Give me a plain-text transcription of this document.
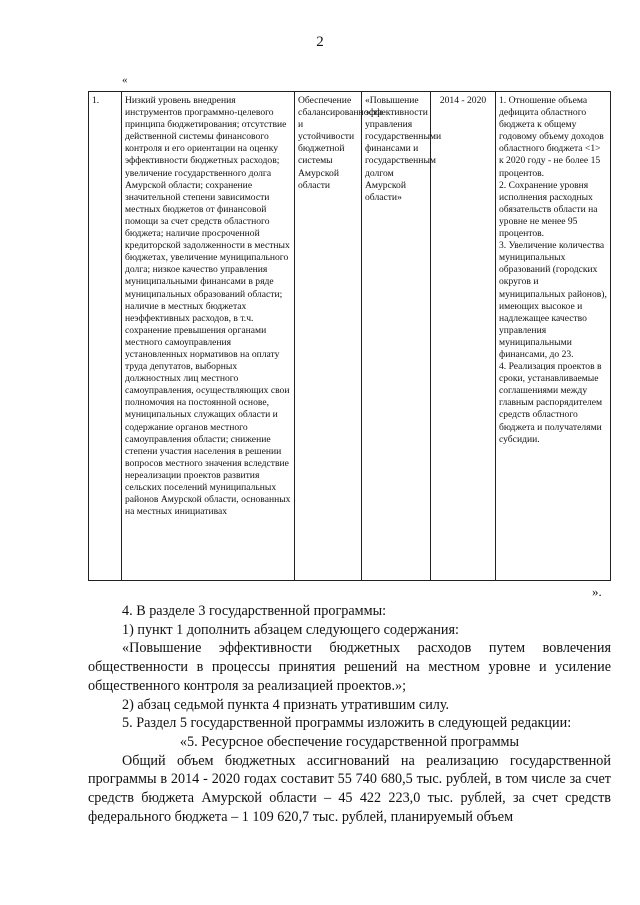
2
«
1.	Низкий уровень внедрения инструментов программно-целевого принципа бюджетирования; отсутствие действенной системы финансового контроля и его ориентации на оценку эффективности бюджетных расходов; увеличение государственного долга Амурской области; сохранение значительной степени зависимости местных бюджетов от финансовой помощи за счет средств областного бюджета; наличие просроченной кредиторской задолженности в местных бюджетах, увеличение муниципального долга; низкое качество управления муниципальными финансами в ряде муниципальных образований области; наличие в местных бюджетах неэффективных расходов, в т.ч. сохранение превышения органами местного самоуправления установленных нормативов на оплату труда депутатов, выборных должностных лиц местного самоуправления, осуществляющих свои полномочия на постоянной основе, муниципальных служащих области и содержание органов местного самоуправления области; снижение степени участия населения в решении вопросов местного значения вследствие нереализации проектов развития сельских поселений муниципальных районов Амурской области, основанных на местных инициативах	Обеспечение сбалансированности и устойчивости бюджетной системы Амурской области	«Повышение эффективности управления государственными финансами и государственным долгом Амурской области»	2014 - 2020	1. Отношение объема дефицита областного бюджета к общему годовому объему доходов областного бюджета <1> к 2020 году - не более 15 процентов.

2. Сохранение уровня исполнения расходных обязательств области на уровне не менее 95 процентов.

3. Увеличение количества муниципальных образований (городских округов и муниципальных районов), имеющих высокое и надлежащее качество управления муниципальными финансами, до 23.

4. Реализация проектов в сроки, устанавливаемые соглашениями между главным распорядителем средств областного бюджета и получателями субсидии.

».

4. В разделе 3 государственной программы:

1) пункт 1 дополнить абзацем следующего содержания:

«Повышение эффективности бюджетных расходов путем вовлечения общественности в процессы принятия решений на местном уровне и усиление общественного контроля за реализацией проектов.»;

2) абзац седьмой пункта 4 признать утратившим силу.

5. Раздел 5 государственной программы изложить в следующей редакции:

«5. Ресурсное обеспечение государственной программы

Общий объем бюджетных ассигнований на реализацию государственной программы в 2014 - 2020 годах составит 55 740 680,5 тыс. рублей, в том числе за счет средств бюджета Амурской области – 45 422 223,0 тыс. рублей, за счет средств федерального бюджета – 1 109 620,7 тыс. рублей, планируемый объем
